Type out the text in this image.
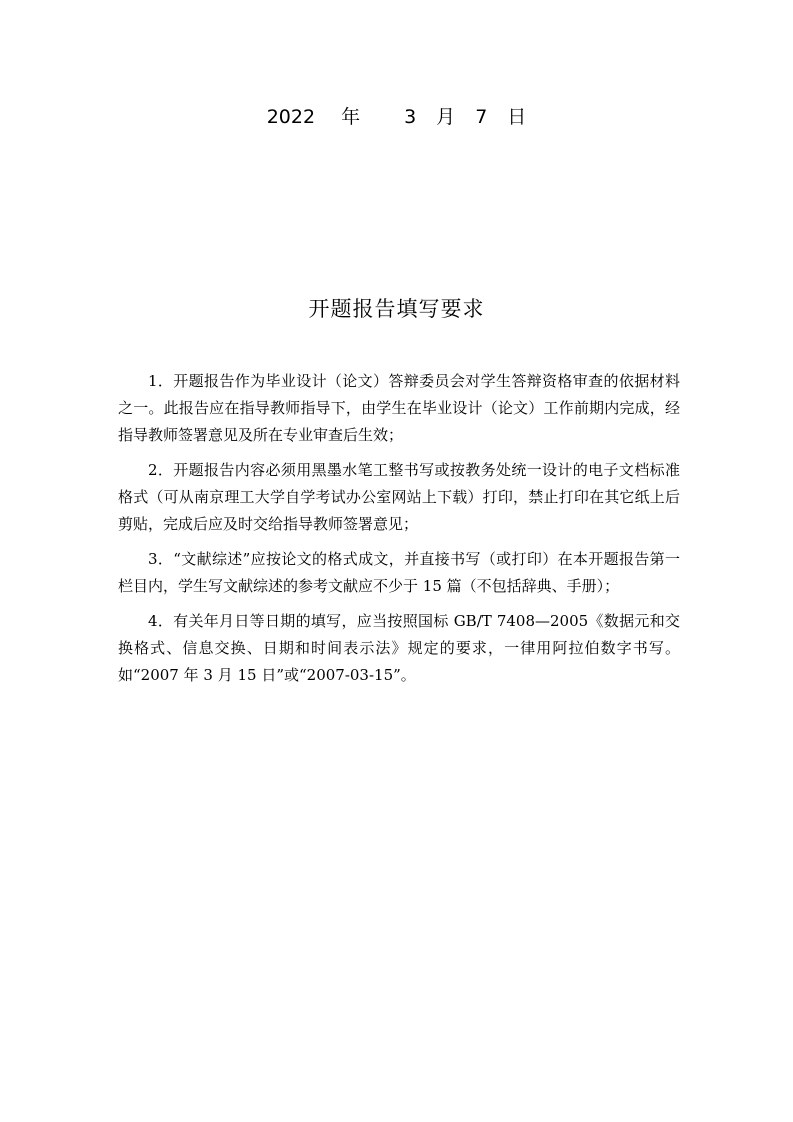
2022 年 3 月 7 日
开题报告填写要求

1．开题报告作为毕业设计（论文）答辩委员会对学生答辩资格审查的依据材料之一。此报告应在指导教师指导下，由学生在毕业设计（论文）工作前期内完成，经指导教师签署意见及所在专业审查后生效；

2．开题报告内容必须用黑墨水笔工整书写或按教务处统一设计的电子文档标准格式（可从南京理工大学自学考试办公室网站上下载）打印，禁止打印在其它纸上后剪贴，完成后应及时交给指导教师签署意见；

3．“文献综述”应按论文的格式成文，并直接书写（或打印）在本开题报告第一栏目内，学生写文献综述的参考文献应不少于 15 篇（不包括辞典、手册）；

4．有关年月日等日期的填写，应当按照国标 GB/T 7408—2005《数据元和交换格式、信息交换、日期和时间表示法》规定的要求，一律用阿拉伯数字书写。如“2007 年 3 月 15 日”或“2007-03-15”。
